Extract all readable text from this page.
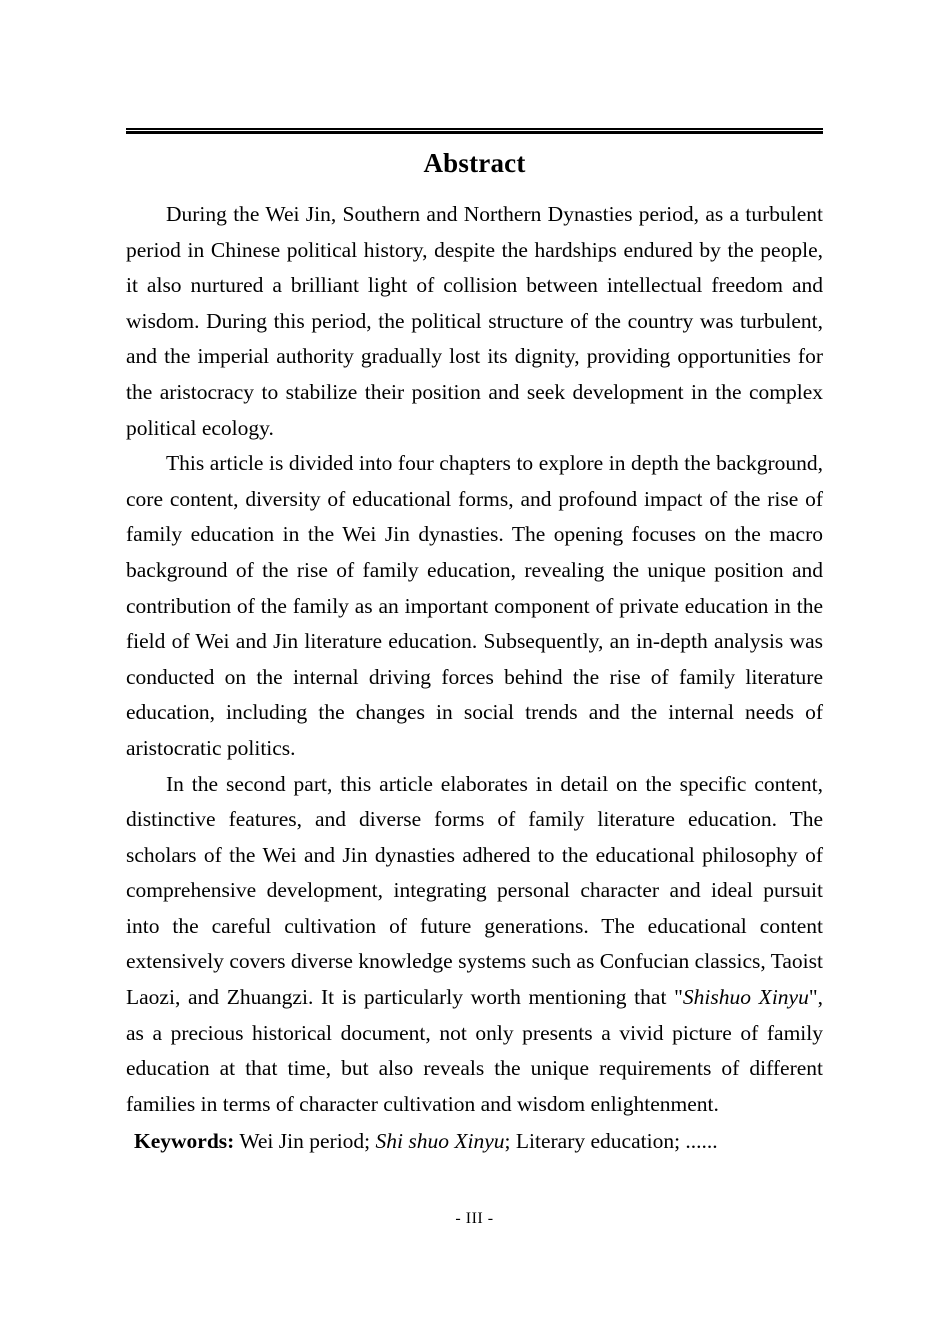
Abstract

During the Wei Jin, Southern and Northern Dynasties period, as a turbulent period in Chinese political history, despite the hardships endured by the people, it also nurtured a brilliant light of collision between intellectual freedom and wisdom. During this period, the political structure of the country was turbulent, and the imperial authority gradually lost its dignity, providing opportunities for the aristocracy to stabilize their position and seek development in the complex political ecology.

This article is divided into four chapters to explore in depth the background, core content, diversity of educational forms, and profound impact of the rise of family education in the Wei Jin dynasties. The opening focuses on the macro background of the rise of family education, revealing the unique position and contribution of the family as an important component of private education in the field of Wei and Jin literature education. Subsequently, an in-depth analysis was conducted on the internal driving forces behind the rise of family literature education, including the changes in social trends and the internal needs of aristocratic politics.

In the second part, this article elaborates in detail on the specific content, distinctive features, and diverse forms of family literature education. The scholars of the Wei and Jin dynasties adhered to the educational philosophy of comprehensive development, integrating personal character and ideal pursuit into the careful cultivation of future generations. The educational content extensively covers diverse knowledge systems such as Confucian classics, Taoist Laozi, and Zhuangzi. It is particularly worth mentioning that "Shishuo Xinyu", as a precious historical document, not only presents a vivid picture of family education at that time, but also reveals the unique requirements of different families in terms of character cultivation and wisdom enlightenment.

Keywords: Wei Jin period; Shi shuo Xinyu; Literary education; ......

- III -
